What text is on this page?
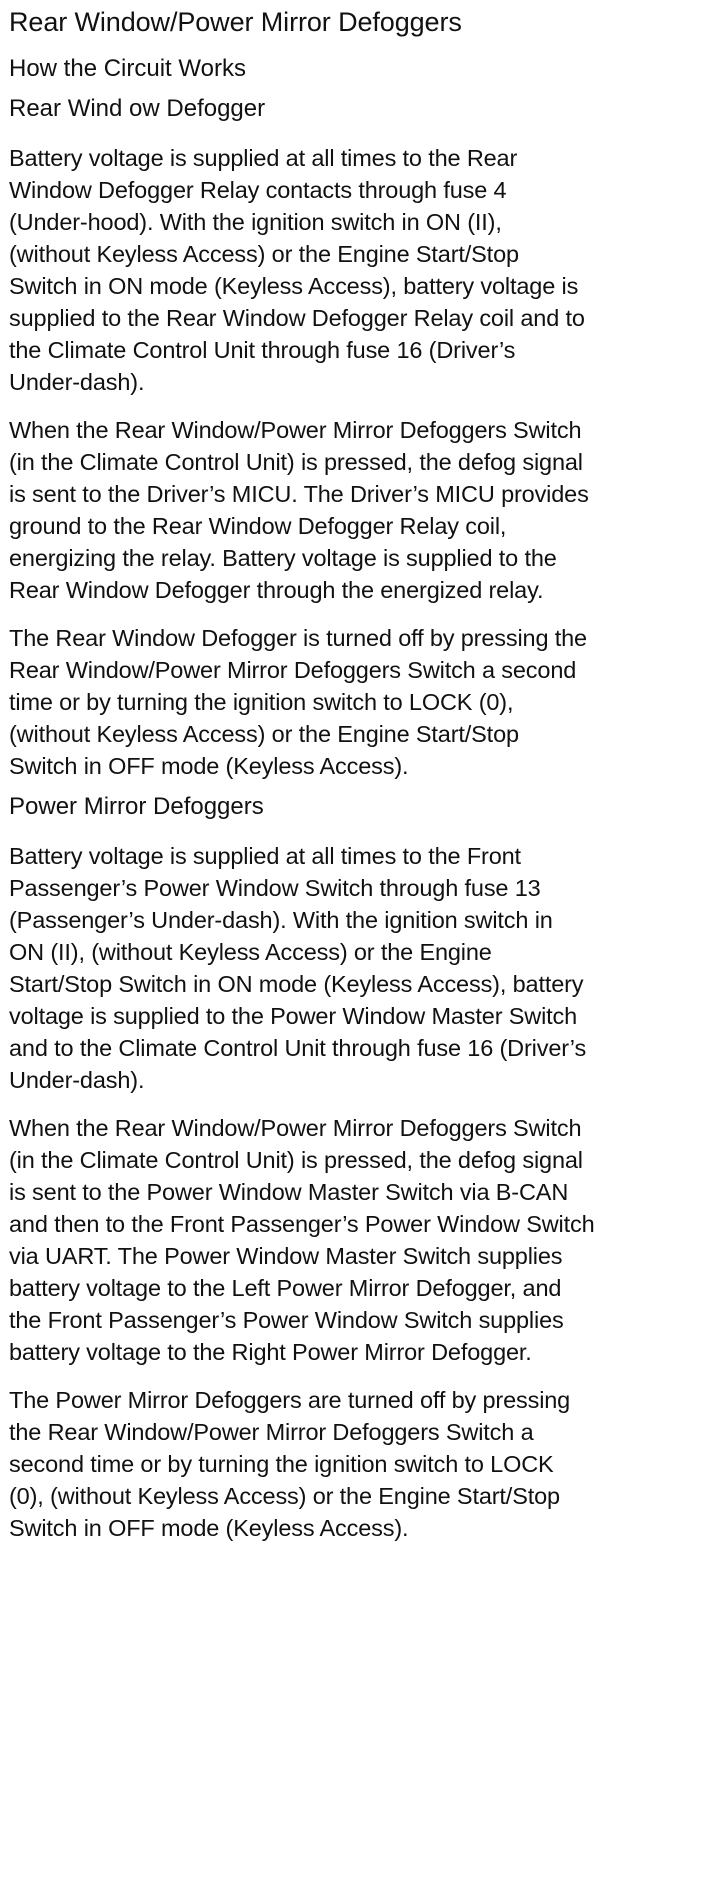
Rear Window/Power Mirror Defoggers
How the Circuit Works
Rear Wind ow Defogger

Battery voltage is supplied at all times to the Rear
Window Defogger Relay contacts through fuse 4
(Under-hood). With the ignition switch in ON (II),
(without Keyless Access) or the Engine Start/Stop
Switch in ON mode (Keyless Access), battery voltage is
supplied to the Rear Window Defogger Relay coil and to
the Climate Control Unit through fuse 16 (Driver’s
Under-dash).

When the Rear Window/Power Mirror Defoggers Switch
(in the Climate Control Unit) is pressed, the defog signal
is sent to the Driver’s MICU. The Driver’s MICU provides
ground to the Rear Window Defogger Relay coil,
energizing the relay. Battery voltage is supplied to the
Rear Window Defogger through the energized relay.

The Rear Window Defogger is turned off by pressing the
Rear Window/Power Mirror Defoggers Switch a second
time or by turning the ignition switch to LOCK (0),
(without Keyless Access) or the Engine Start/Stop
Switch in OFF mode (Keyless Access).

Power Mirror Defoggers

Battery voltage is supplied at all times to the Front
Passenger’s Power Window Switch through fuse 13
(Passenger’s Under-dash). With the ignition switch in
ON (II), (without Keyless Access) or the Engine
Start/Stop Switch in ON mode (Keyless Access), battery
voltage is supplied to the Power Window Master Switch
and to the Climate Control Unit through fuse 16 (Driver’s
Under-dash).

When the Rear Window/Power Mirror Defoggers Switch
(in the Climate Control Unit) is pressed, the defog signal
is sent to the Power Window Master Switch via B-CAN
and then to the Front Passenger’s Power Window Switch
via UART. The Power Window Master Switch supplies
battery voltage to the Left Power Mirror Defogger, and
the Front Passenger’s Power Window Switch supplies
battery voltage to the Right Power Mirror Defogger.

The Power Mirror Defoggers are turned off by pressing
the Rear Window/Power Mirror Defoggers Switch a
second time or by turning the ignition switch to LOCK
(0), (without Keyless Access) or the Engine Start/Stop
Switch in OFF mode (Keyless Access).
